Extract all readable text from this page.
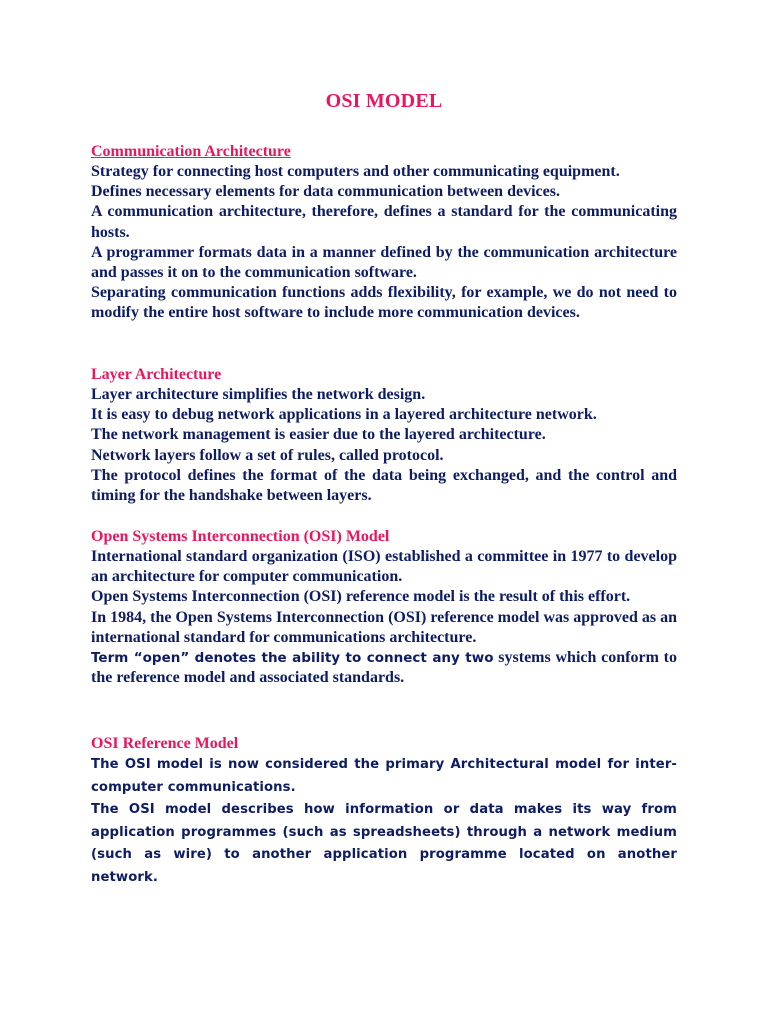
OSI MODEL

Communication Architecture

Strategy for connecting host computers and other communicating equipment.

Defines necessary elements for data communication between devices.

A communication architecture, therefore, defines a standard for the communicating hosts.

A programmer formats data in a manner defined by the communication architecture and passes it on to the communication software.

Separating communication functions adds flexibility, for example, we do not need to modify the entire host software to include more communication devices.

Layer Architecture

Layer architecture simplifies the network design.

It is easy to debug network applications in a layered architecture network.

The network management is easier due to the layered architecture.

Network layers follow a set of rules, called protocol.

The protocol defines the format of the data being exchanged, and the control and timing for the handshake between layers.

Open Systems Interconnection (OSI) Model

International standard organization (ISO) established a committee in 1977 to develop an architecture for computer communication.

Open Systems Interconnection (OSI) reference model is the result of this effort.

In 1984, the Open Systems Interconnection (OSI) reference model was approved as an international standard for communications architecture.

Term “open” denotes the ability to connect any two systems which conform to the reference model and associated standards.

OSI Reference Model

The OSI model is now considered the primary Architectural model for inter-computer communications.

The OSI model describes how information or data makes its way from application programmes (such as spreadsheets) through a network medium (such as wire) to another application programme located on another network.
